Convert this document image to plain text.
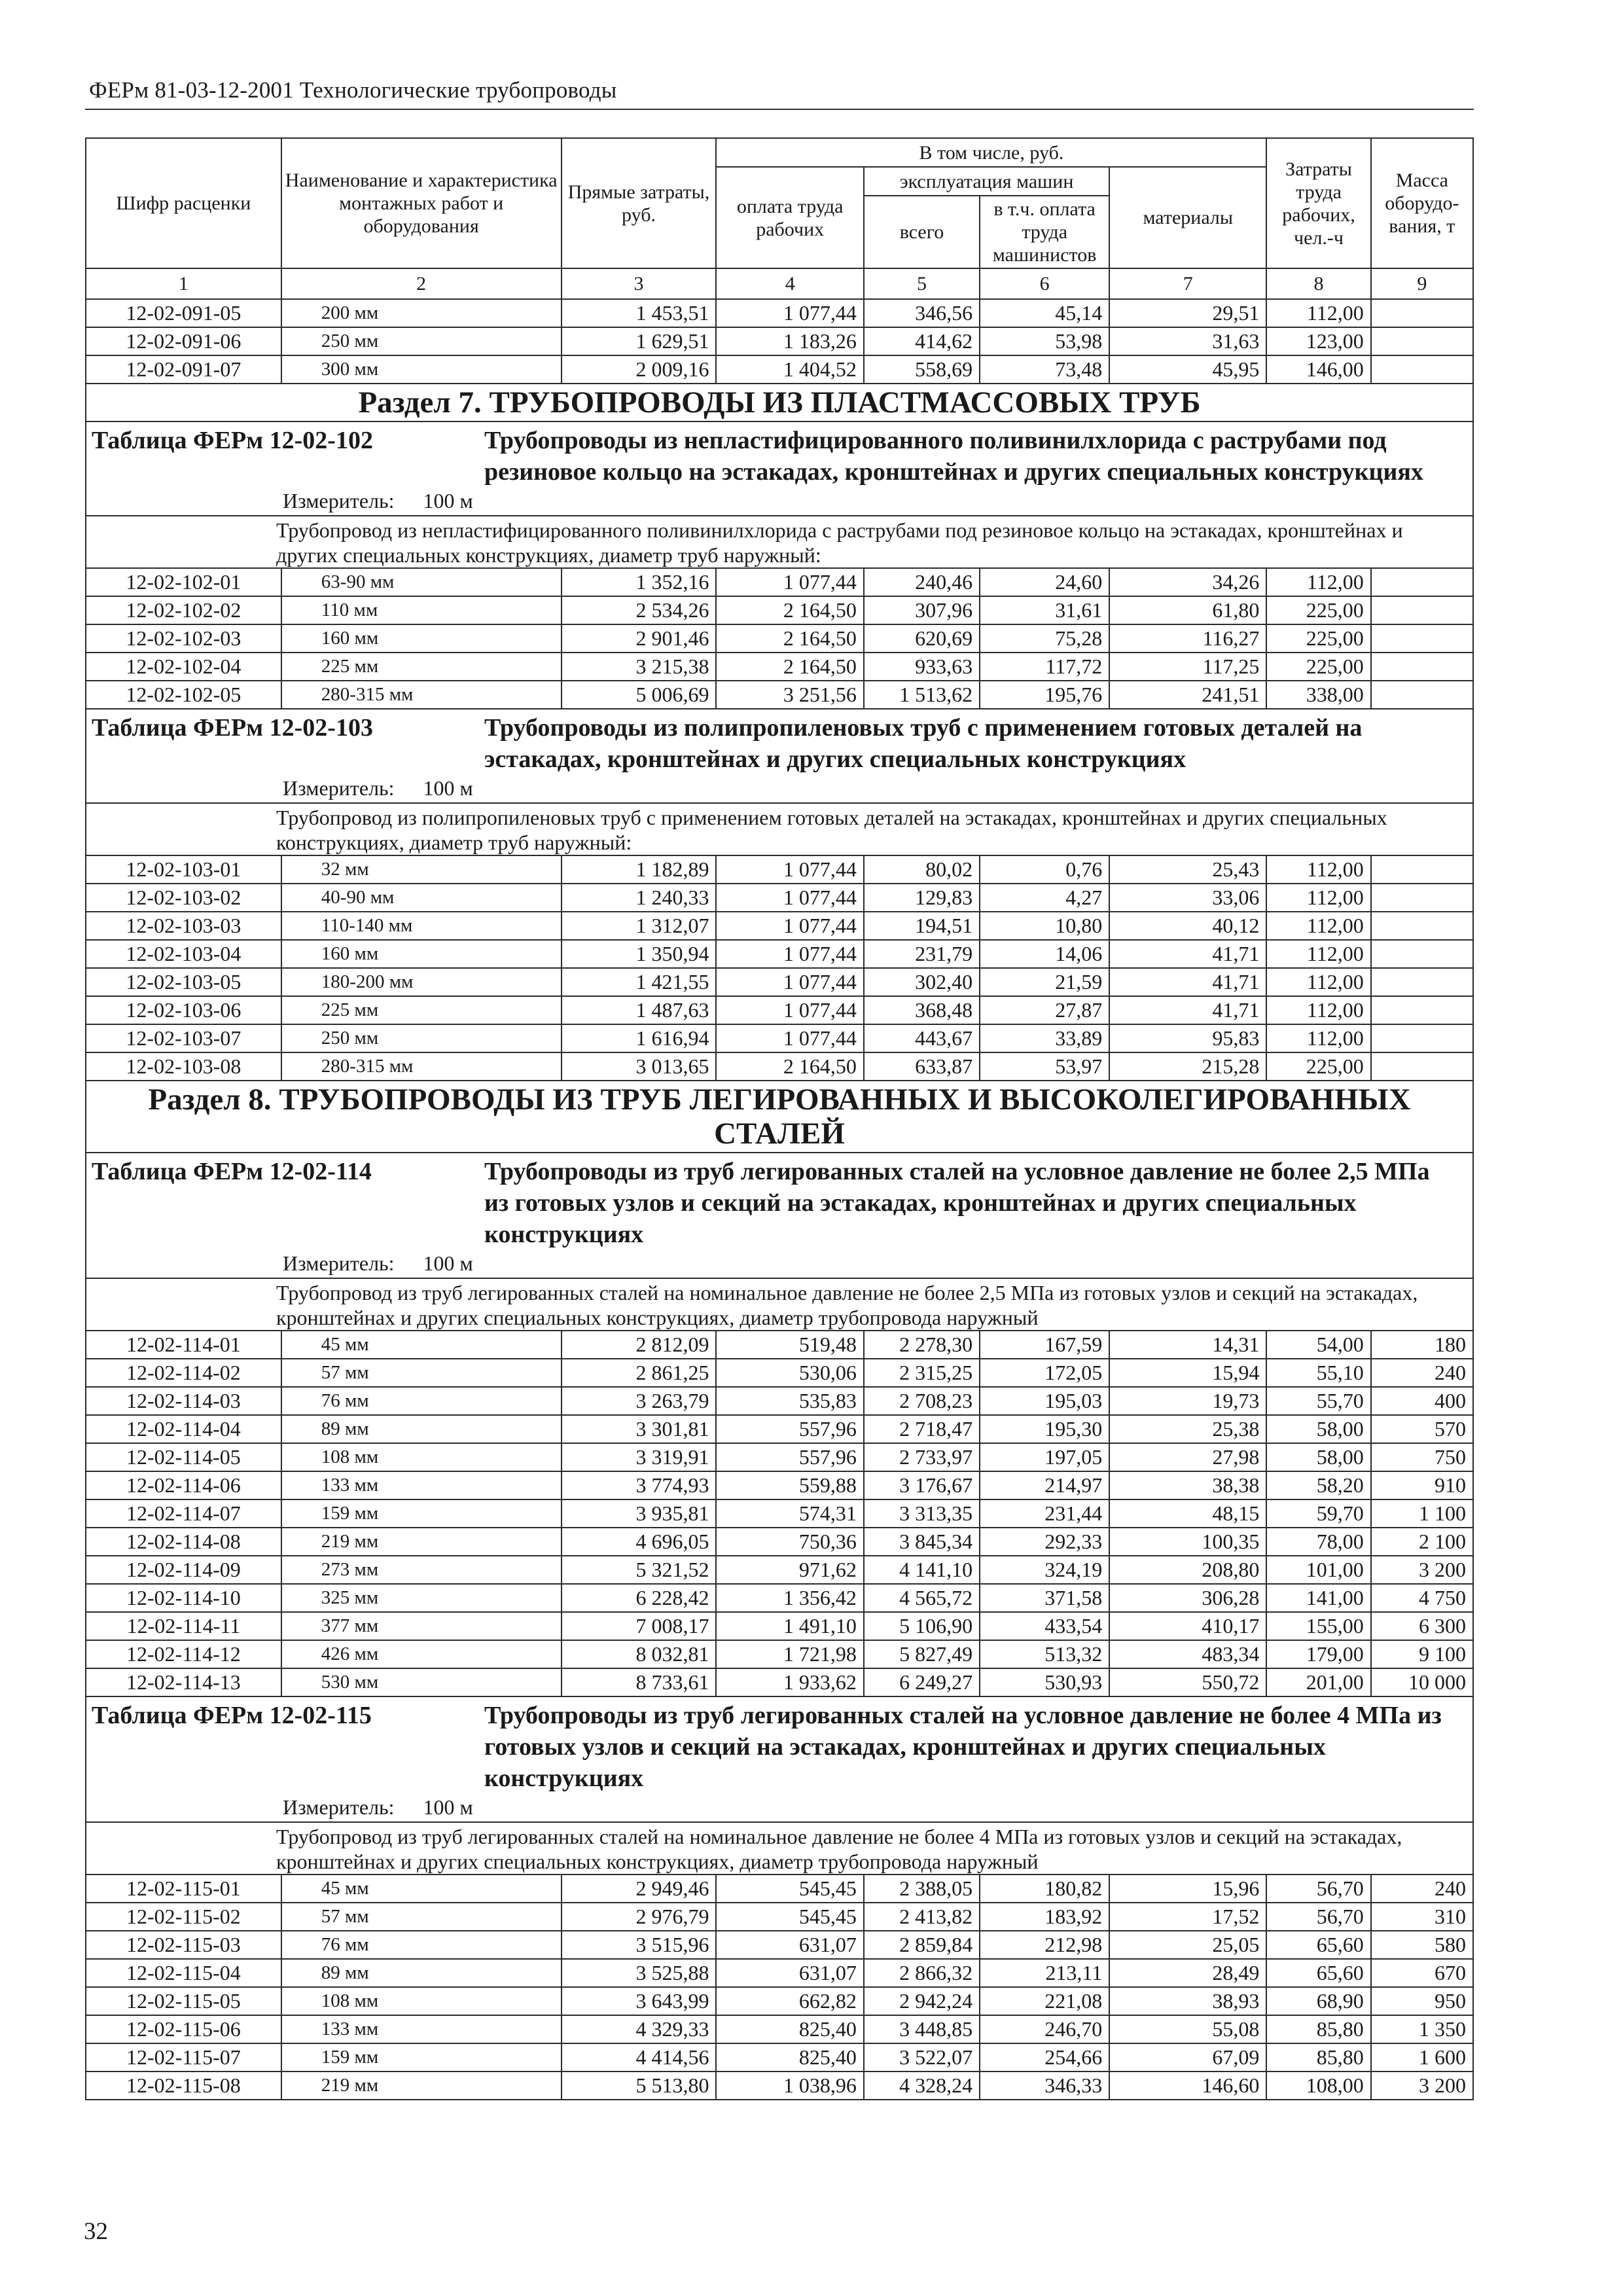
ФЕРм 81-03-12-2001 Технологические трубопроводы
Шифр расценки	Наименование и характеристика монтажных работ и оборудования	Прямые затраты, руб.	В том числе, руб.				Затраты труда рабочих, чел.-ч	Масса оборудо-вания, т
			оплата труда рабочих	эксплуатация машин		материалы		
				всего	в т.ч. оплата труда машинистов			
1	2	3	4	5	6	7	8	9
12-02-091-05	200 мм	1 453,51	1 077,44	346,56	45,14	29,51	112,00	
12-02-091-06	250 мм	1 629,51	1 183,26	414,62	53,98	31,63	123,00	
12-02-091-07	300 мм	2 009,16	1 404,52	558,69	73,48	45,95	146,00	
Раздел 7. ТРУБОПРОВОДЫ ИЗ ПЛАСТМАССОВЫХ ТРУБ								

Таблица ФЕРм 12-02-102 Трубопроводы из непластифицированного поливинилхлорида с раструбами под резиновое кольцо на эстакадах, кронштейнах и других специальных конструкциях
Измеритель: 100 м								

Трубопровод из непластифицированного поливинилхлорида с раструбами под резиновое кольцо на эстакадах, кронштейнах и других специальных конструкциях, диаметр труб наружный:								
12-02-102-01	63-90 мм	1 352,16	1 077,44	240,46	24,60	34,26	112,00	
12-02-102-02	110 мм	2 534,26	2 164,50	307,96	31,61	61,80	225,00	
12-02-102-03	160 мм	2 901,46	2 164,50	620,69	75,28	116,27	225,00	
12-02-102-04	225 мм	3 215,38	2 164,50	933,63	117,72	117,25	225,00	
12-02-102-05	280-315 мм	5 006,69	3 251,56	1 513,62	195,76	241,51	338,00	

Таблица ФЕРм 12-02-103 Трубопроводы из полипропиленовых труб с применением готовых деталей на эстакадах, кронштейнах и других специальных конструкциях
Измеритель: 100 м								

Трубопровод из полипропиленовых труб с применением готовых деталей на эстакадах, кронштейнах и других специальных конструкциях, диаметр труб наружный:								
12-02-103-01	32 мм	1 182,89	1 077,44	80,02	0,76	25,43	112,00	
12-02-103-02	40-90 мм	1 240,33	1 077,44	129,83	4,27	33,06	112,00	
12-02-103-03	110-140 мм	1 312,07	1 077,44	194,51	10,80	40,12	112,00	
12-02-103-04	160 мм	1 350,94	1 077,44	231,79	14,06	41,71	112,00	
12-02-103-05	180-200 мм	1 421,55	1 077,44	302,40	21,59	41,71	112,00	
12-02-103-06	225 мм	1 487,63	1 077,44	368,48	27,87	41,71	112,00	
12-02-103-07	250 мм	1 616,94	1 077,44	443,67	33,89	95,83	112,00	
12-02-103-08	280-315 мм	3 013,65	2 164,50	633,87	53,97	215,28	225,00	
Раздел 8. ТРУБОПРОВОДЫ ИЗ ТРУБ ЛЕГИРОВАННЫХ И ВЫСОКОЛЕГИРОВАННЫХ СТАЛЕЙ								

Таблица ФЕРм 12-02-114 Трубопроводы из труб легированных сталей на условное давление не более 2,5 МПа из готовых узлов и секций на эстакадах, кронштейнах и других специальных конструкциях
Измеритель: 100 м								

Трубопровод из труб легированных сталей на номинальное давление не более 2,5 МПа из готовых узлов и секций на эстакадах, кронштейнах и других специальных конструкциях, диаметр трубопровода наружный								
12-02-114-01	45 мм	2 812,09	519,48	2 278,30	167,59	14,31	54,00	180
12-02-114-02	57 мм	2 861,25	530,06	2 315,25	172,05	15,94	55,10	240
12-02-114-03	76 мм	3 263,79	535,83	2 708,23	195,03	19,73	55,70	400
12-02-114-04	89 мм	3 301,81	557,96	2 718,47	195,30	25,38	58,00	570
12-02-114-05	108 мм	3 319,91	557,96	2 733,97	197,05	27,98	58,00	750
12-02-114-06	133 мм	3 774,93	559,88	3 176,67	214,97	38,38	58,20	910
12-02-114-07	159 мм	3 935,81	574,31	3 313,35	231,44	48,15	59,70	1 100
12-02-114-08	219 мм	4 696,05	750,36	3 845,34	292,33	100,35	78,00	2 100
12-02-114-09	273 мм	5 321,52	971,62	4 141,10	324,19	208,80	101,00	3 200
12-02-114-10	325 мм	6 228,42	1 356,42	4 565,72	371,58	306,28	141,00	4 750
12-02-114-11	377 мм	7 008,17	1 491,10	5 106,90	433,54	410,17	155,00	6 300
12-02-114-12	426 мм	8 032,81	1 721,98	5 827,49	513,32	483,34	179,00	9 100
12-02-114-13	530 мм	8 733,61	1 933,62	6 249,27	530,93	550,72	201,00	10 000

Таблица ФЕРм 12-02-115 Трубопроводы из труб легированных сталей на условное давление не более 4 МПа из готовых узлов и секций на эстакадах, кронштейнах и других специальных конструкциях
Измеритель: 100 м								

Трубопровод из труб легированных сталей на номинальное давление не более 4 МПа из готовых узлов и секций на эстакадах, кронштейнах и других специальных конструкциях, диаметр трубопровода наружный								
12-02-115-01	45 мм	2 949,46	545,45	2 388,05	180,82	15,96	56,70	240
12-02-115-02	57 мм	2 976,79	545,45	2 413,82	183,92	17,52	56,70	310
12-02-115-03	76 мм	3 515,96	631,07	2 859,84	212,98	25,05	65,60	580
12-02-115-04	89 мм	3 525,88	631,07	2 866,32	213,11	28,49	65,60	670
12-02-115-05	108 мм	3 643,99	662,82	2 942,24	221,08	38,93	68,90	950
12-02-115-06	133 мм	4 329,33	825,40	3 448,85	246,70	55,08	85,80	1 350
12-02-115-07	159 мм	4 414,56	825,40	3 522,07	254,66	67,09	85,80	1 600
12-02-115-08	219 мм	5 513,80	1 038,96	4 328,24	346,33	146,60	108,00	3 200
32
